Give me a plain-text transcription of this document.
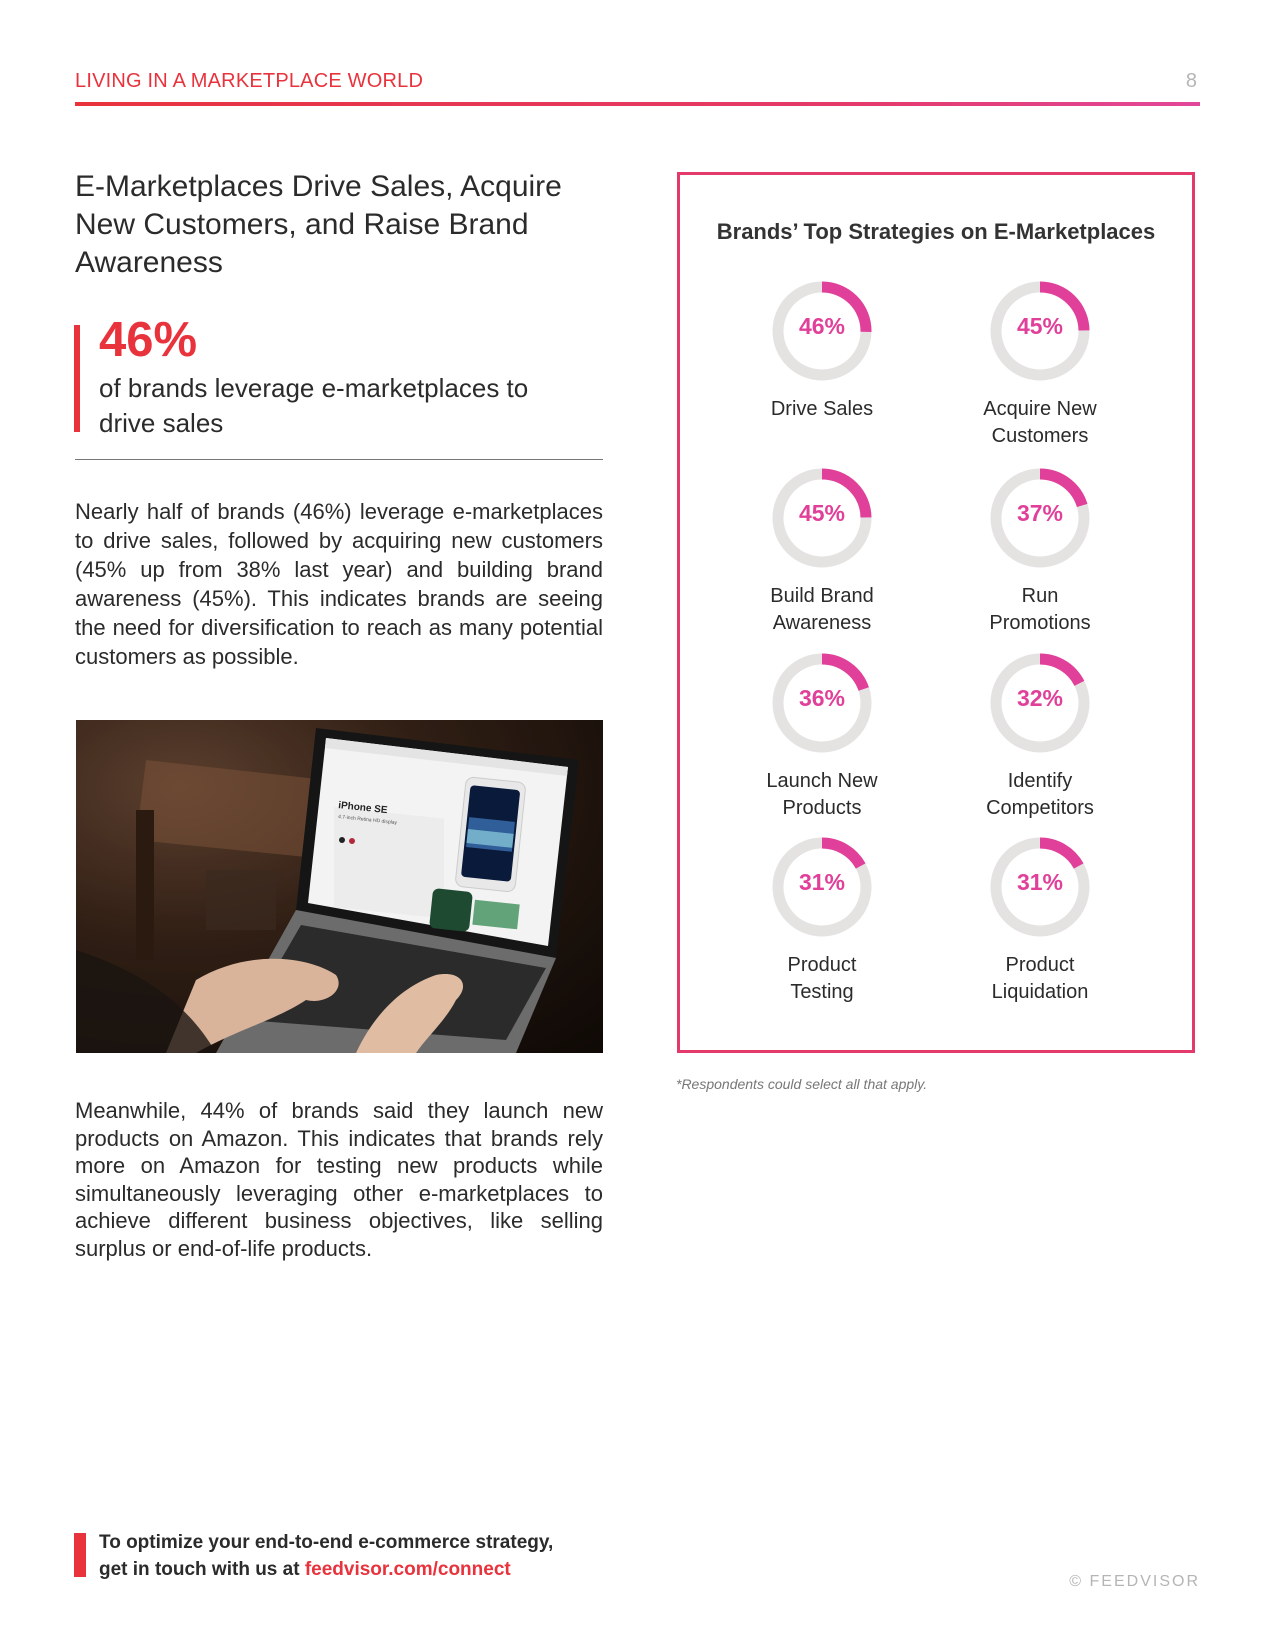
LIVING IN A MARKETPLACE WORLD	8
E-Marketplaces Drive Sales, Acquire New Customers, and Raise Brand Awareness
46%
of brands leverage e-marketplaces to drive sales
Nearly half of brands (46%) leverage e-marketplaces to drive sales, followed by acquiring new customers (45% up from 38% last year) and building brand awareness (45%). This indicates brands are seeing the need for diversification to reach as many potential customers as possible.
iPhone SE
4.7-inch Retina HD display
Meanwhile, 44% of brands said they launch new products on Amazon. This indicates that brands rely more on Amazon for testing new products while simultaneously leveraging other e-marketplaces to achieve different business objectives, like selling surplus or end-of-life products.
Brands’ Top Strategies on E-Marketplaces
46%
Drive Sales
45%
Acquire New Customers
45%
Build Brand Awareness
37%
Run Promotions
36%
Launch New Products
32%
Identify Competitors
31%
Product Testing
31%
Product Liquidation
*Respondents could select all that apply.
To optimize your end-to-end e-commerce strategy,
get in touch with us at feedvisor.com/connect
© FEEDVISOR
